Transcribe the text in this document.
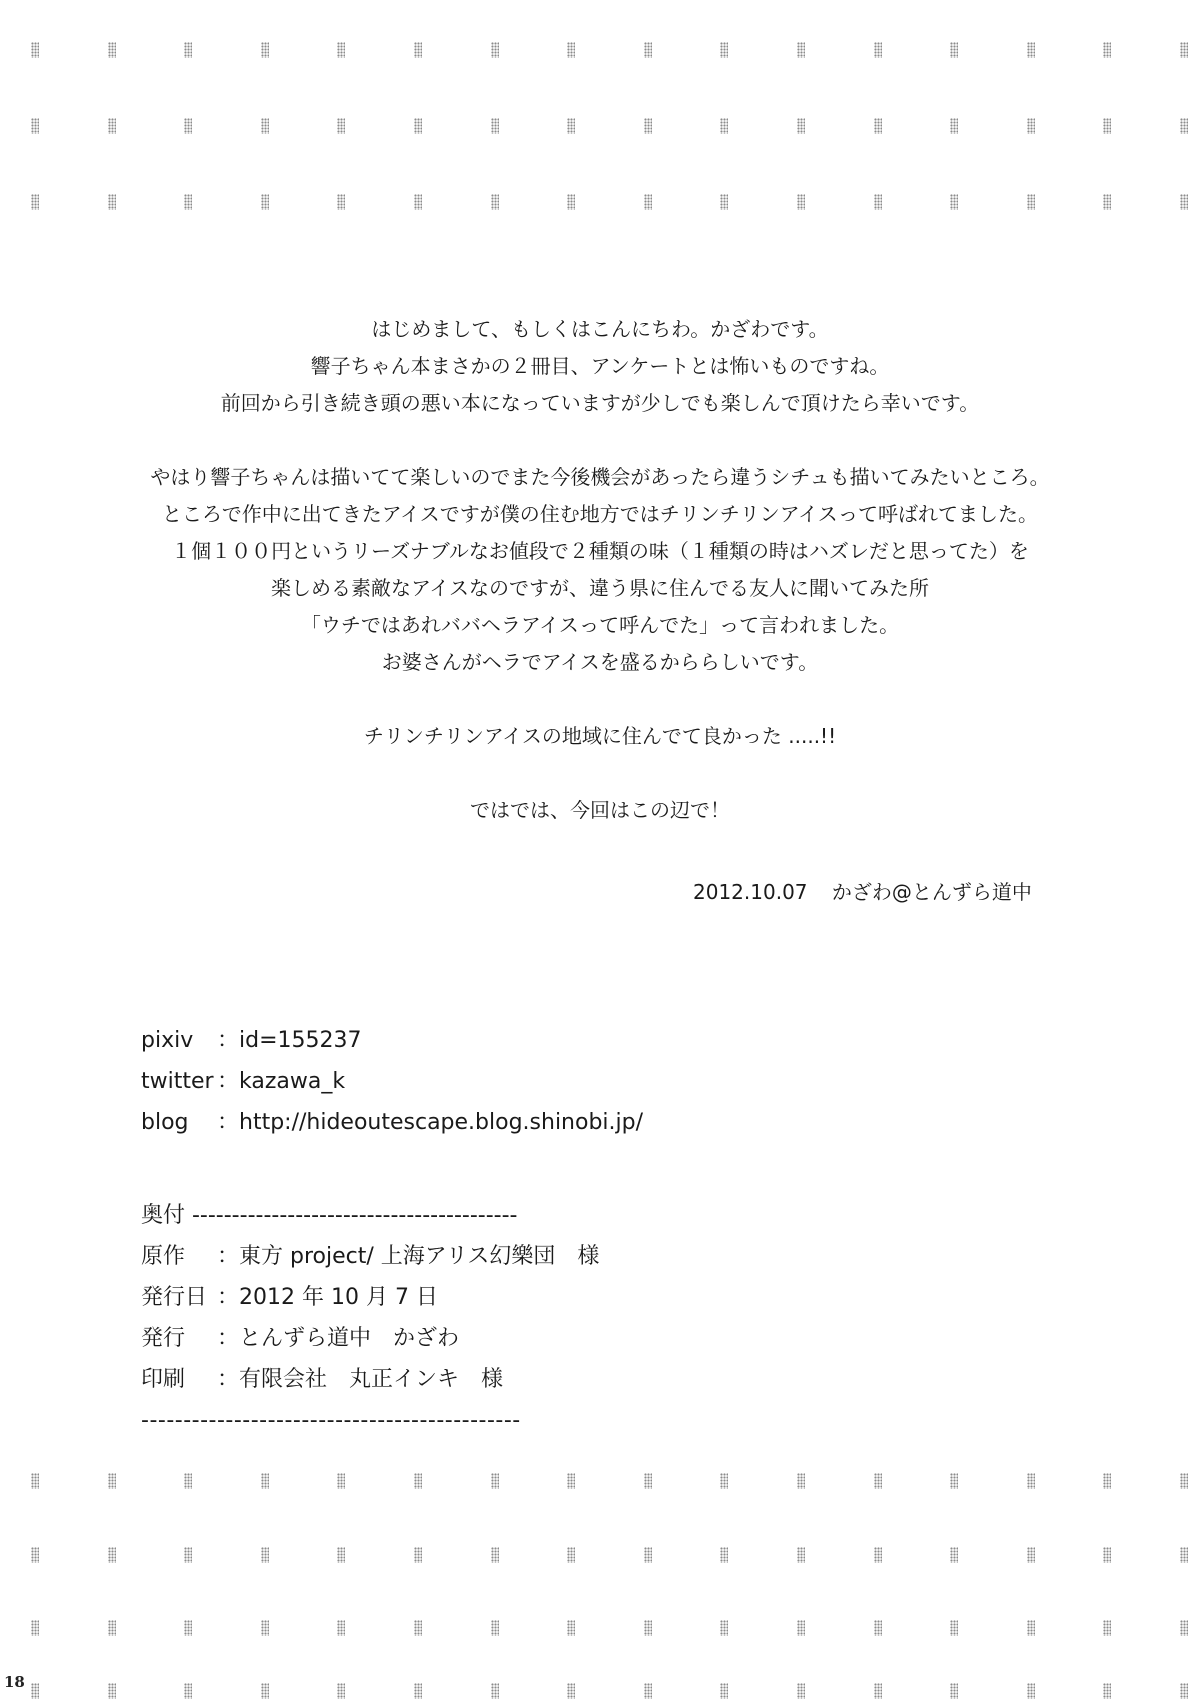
はじめまして、もしくはこんにちわ。かざわです。

響子ちゃん本まさかの２冊目、アンケートとは怖いものですね。

前回から引き続き頭の悪い本になっていますが少しでも楽しんで頂けたら幸いです。

やはり響子ちゃんは描いてて楽しいのでまた今後機会があったら違うシチュも描いてみたいところ。

ところで作中に出てきたアイスですが僕の住む地方ではチリンチリンアイスって呼ばれてました。

１個１００円というリーズナブルなお値段で２種類の味（１種類の時はハズレだと思ってた）を

楽しめる素敵なアイスなのですが、違う県に住んでる友人に聞いてみた所

「ウチではあれババヘラアイスって呼んでた」って言われました。

お婆さんがヘラでアイスを盛るかららしいです。

チリンチリンアイスの地域に住んでて良かった .....!!

ではでは、今回はこの辺で！

2012.10.07 かざわ@とんずら道中
pixiv	：id=155237
twitter ：kazawa_k
blog	：http://hideoutescape.blog.shinobi.jp/
奥付 -----------------------------------------
原作	：東方 project/ 上海アリス幻樂団　様
発行日 ：2012 年 10 月 7 日
発行	：とんずら道中　かざわ
印刷	：有限会社　丸正インキ　様
---------------------------------------------
18
